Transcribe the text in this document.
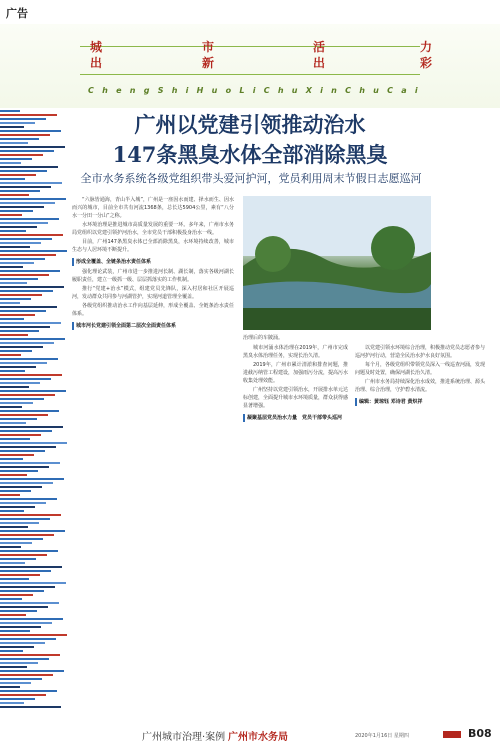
广告
城	市	活	力
出	新	出	彩
C h e n g S h i H u o L i C h u X i n C h u C a i
广州以党建引领推动治水
147条黑臭水体全部消除黑臭
全市水务系统各级党组织带头爱河护河，党员利用周末节假日志愿巡河

“六脉皆通海，青山半入城”，广州是一座因水而建、择水而生、因水而兴的城市，目前全市共有河流1368条，总长达5904公里，素有“八分水一分田一分山”之称。

水环境治理是推进城市高质量发展的重要一环。多年来，广州市水务局党组织以党建引领护河治水，全市党员干部积极投身治水一线。

目前，广州147条黑臭水体已全部消除黑臭，水环境持续改善，城市生态与人居环境不断提升。

形成全覆盖、全链条治水责任体系

强化理论武装，广州市进一步推进河长制、湖长制，落实各级河湖长履职责任，建立一级抓一级、层层抓落实的工作机制。

推行“党建+治水”模式，组建党员先锋队，深入村居和社区开展巡河，发动群众共同参与河湖管护，实现河道管理全覆盖。

各级党组织推动治水工作向基层延伸，形成全覆盖、全链条治水责任体系。

城市河长党建引领全面第二层次全面责任体系

治理后的车陂涌。

城市河涌水体治理在2019年，广州市完成黑臭水体治理任务，实现长治久清。

2019年，广州市累计清淤和排查问题，推进截污纳管工程建设，加强雨污分流，提高污水收集处理效能。

广州坚持以党建引领治水，开展排水单元达标创建，全面提升城市水环境质量，群众获得感显著增强。

凝聚基层党员治水力量　党员干部带头巡河

以党建引领水环境综合治理，积极推动党员志愿者参与巡河护河行动，营造全民治水护水良好氛围。

每个月，各级党组织带领党员深入一线巡查河涌，发现问题及时处置，确保河湖长治久清。

广州市水务局持续深化治水成效，推进系统治理、源头治理、综合治理，守护碧水清流。

编辑：黄琼钰 邓诗君 黄炽祥

广州城市治理·案例 广州市水务局	2020年1月16日 星期四	B08
